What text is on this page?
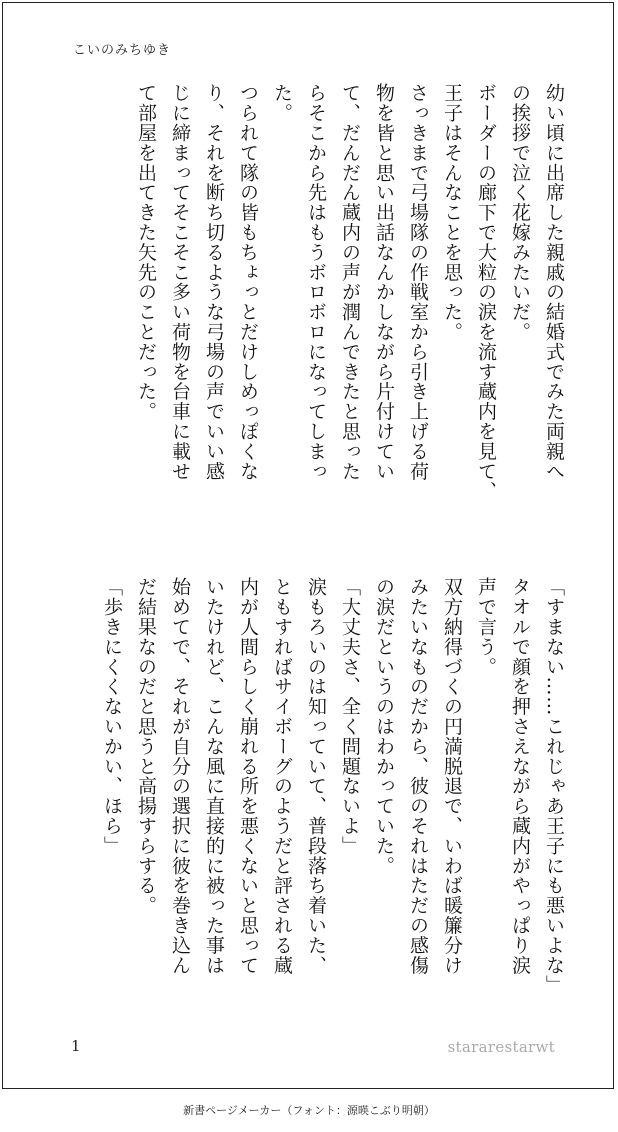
こいのみちゆき

幼い頃に出席した親戚の結婚式でみた両親へ

の挨拶で泣く花嫁みたいだ。

ボーダーの廊下で大粒の涙を流す蔵内を見て、

王子はそんなことを思った。

さっきまで弓場隊の作戦室から引き上げる荷

物を皆と思い出話なんかしながら片付けてい

て、だんだん蔵内の声が潤んできたと思った

らそこから先はもうボロボロになってしまっ

た。

つられて隊の皆もちょっとだけしめっぽくな

り、それを断ち切るような弓場の声でいい感

じに締まってそこそこ多い荷物を台車に載せ

て部屋を出てきた矢先のことだった。

「すまない……これじゃあ王子にも悪いよな」

タオルで顔を押さえながら蔵内がやっぱり涙

声で言う。

双方納得づくの円満脱退で、いわば暖簾分け

みたいなものだから、彼のそれはただの感傷

の涙だというのはわかっていた。

「大丈夫さ、全く問題ないよ」

涙もろいのは知っていて、普段落ち着いた、

ともすればサイボーグのようだと評される蔵

内が人間らしく崩れる所を悪くないと思って

いたけれど、こんな風に直接的に被った事は

始めてで、それが自分の選択に彼を巻き込ん

だ結果なのだと思うと高揚すらする。

「歩きにくくないかい、ほら」

1	stararestarwt
新書ページメーカー（フォント：源暎こぶり明朝）
